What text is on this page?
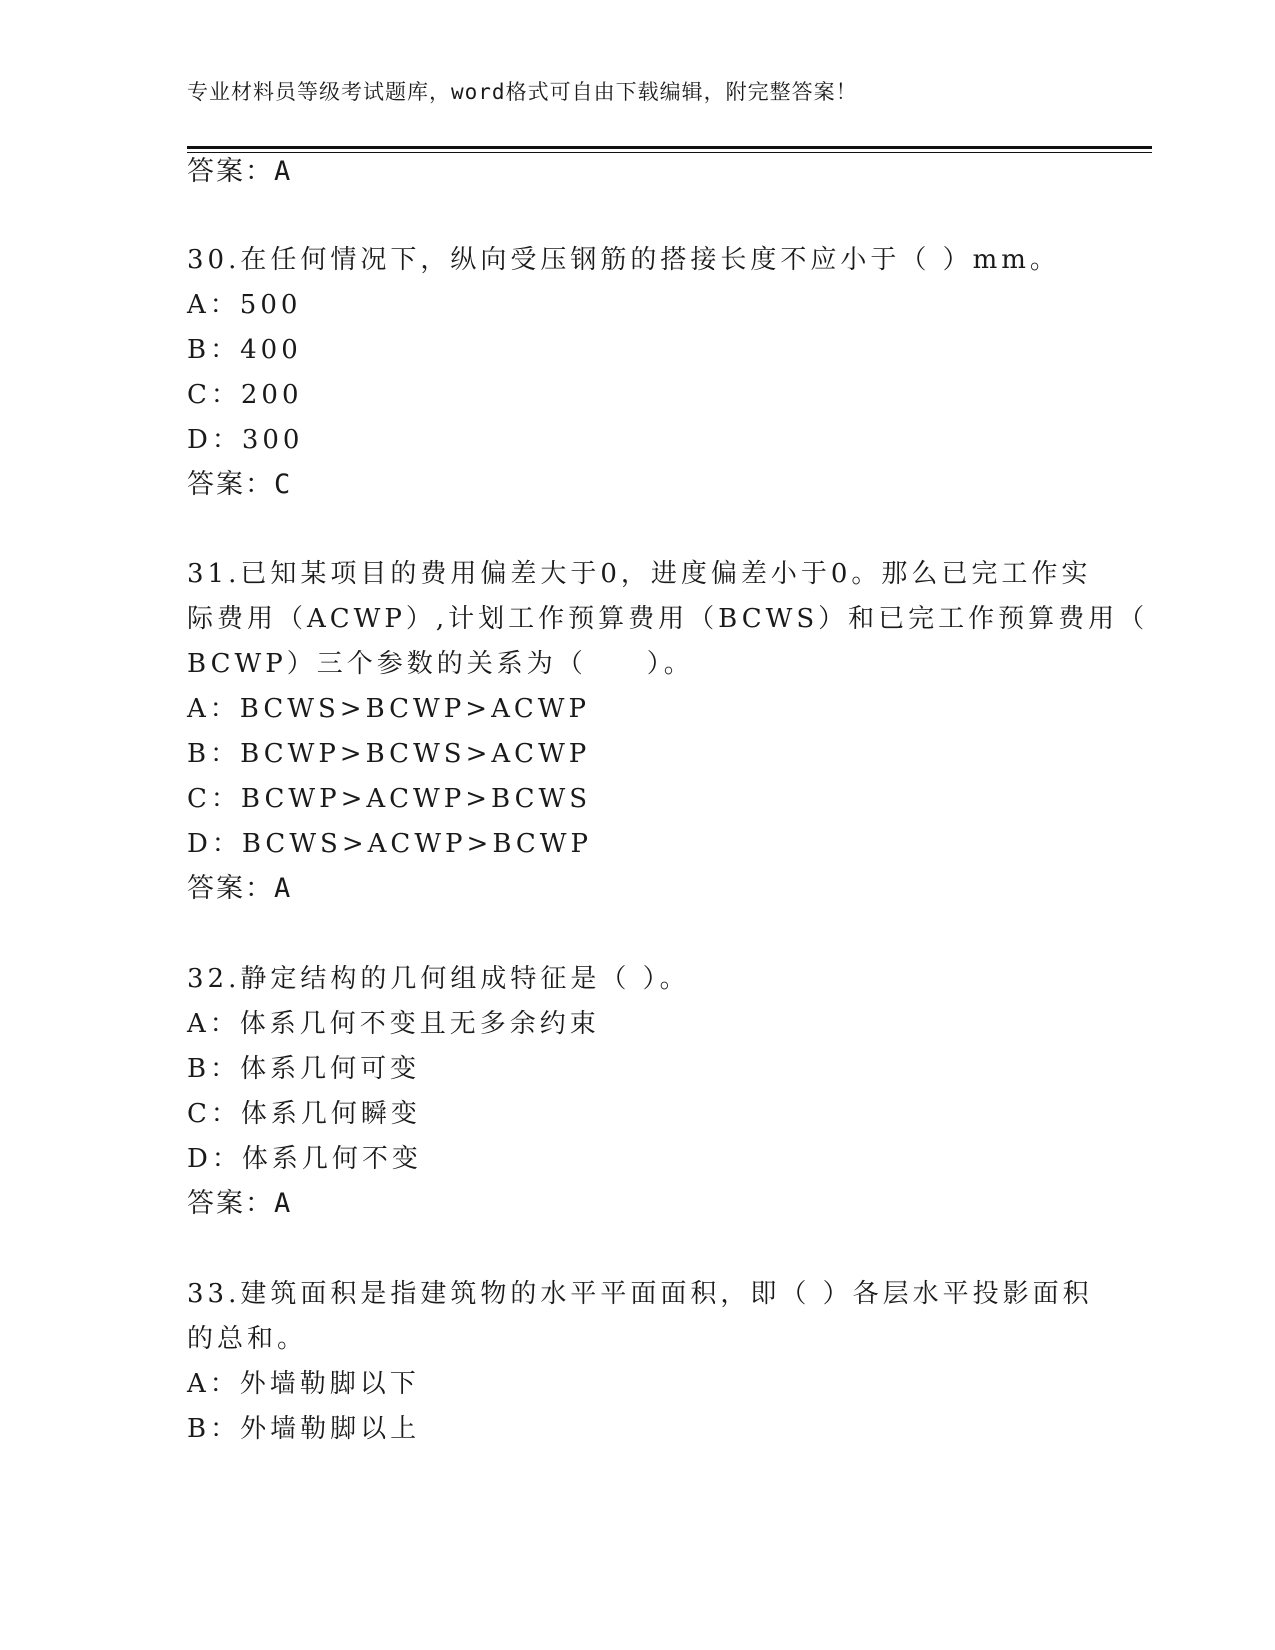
专业材料员等级考试题库，word格式可自由下载编辑，附完整答案！
答案：A
30.在任何情况下，纵向受压钢筋的搭接长度不应小于（ ）mm。
A：500
B：400
C：200
D：300
答案：C
31.已知某项目的费用偏差大于0，进度偏差小于0。那么已完工作实
际费用（ACWP）,计划工作预算费用（BCWS）和已完工作预算费用（
BCWP）三个参数的关系为（　　）。
A：BCWS>BCWP>ACWP
B：BCWP>BCWS>ACWP
C：BCWP>ACWP>BCWS
D：BCWS>ACWP>BCWP
答案：A
32.静定结构的几何组成特征是（ ）。
A：体系几何不变且无多余约束
B：体系几何可变
C：体系几何瞬变
D：体系几何不变
答案：A
33.建筑面积是指建筑物的水平平面面积，即（ ）各层水平投影面积
的总和。
A：外墙勒脚以下
B：外墙勒脚以上
